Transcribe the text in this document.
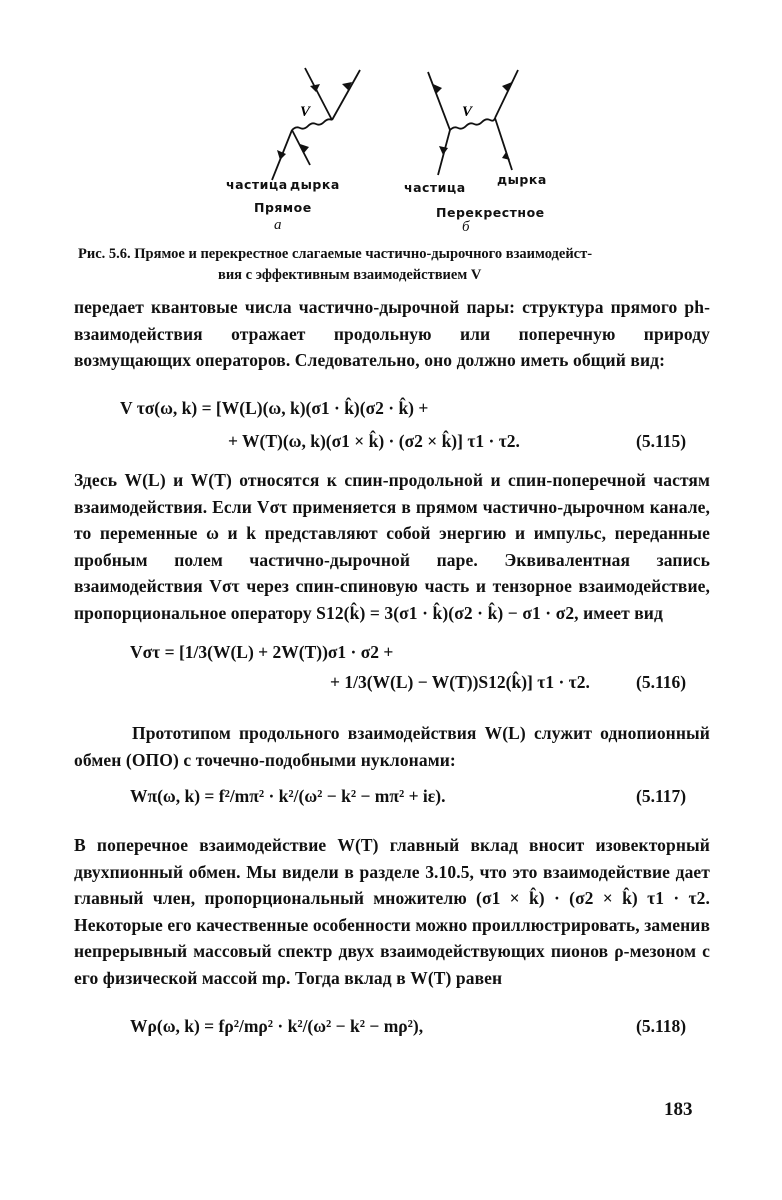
V	V
частица дырка
Прямое
а
частица
дырка
Перекрестное
б
Рис. 5.6. Прямое и перекрестное слагаемые частично-дырочного взаимодейст-
вия с эффективным взаимодействием V
передает квантовые числа частично-дырочной пары: структура прямого ph-взаимодействия отражает продольную или поперечную природу возмущающих операторов. Следовательно, оно должно иметь общий вид:
V τσ(ω, k) = [W(L)(ω, k)(σ1 · k̂)(σ2 · k̂) +
+ W(T)(ω, k)(σ1 × k̂) · (σ2 × k̂)] τ1 · τ2.	(5.115)
Здесь W(L) и W(T) относятся к спин-продольной и спин-поперечной частям взаимодействия. Если Vστ применяется в прямом частично-дырочном канале, то переменные ω и k представляют собой энергию и импульс, переданные пробным полем частично-дырочной паре. Эквивалентная запись взаимодействия Vστ через спин-спиновую часть и тензорное взаимодействие, пропорциональное оператору S12(k̂) = 3(σ1 · k̂)(σ2 · k̂) − σ1 · σ2, имеет вид
Vστ = [1/3(W(L) + 2W(T))σ1 · σ2 +
+ 1/3(W(L) − W(T))S12(k̂)] τ1 · τ2.	(5.116)
Прототипом продольного взаимодействия W(L) служит однопионный обмен (ОПО) с точечно-подобными нуклонами:
Wπ(ω, k) = f²/mπ² · k²/(ω² − k² − mπ² + iε).	(5.117)
В поперечное взаимодействие W(T) главный вклад вносит изовекторный двухпионный обмен. Мы видели в разделе 3.10.5, что это взаимодействие дает главный член, пропорциональный множителю (σ1 × k̂) · (σ2 × k̂) τ1 · τ2. Некоторые его качественные особенности можно проиллюстрировать, заменив непрерывный массовый спектр двух взаимодействующих пионов ρ-мезоном с его физической массой mρ. Тогда вклад в W(T) равен
Wρ(ω, k) = fρ²/mρ² · k²/(ω² − k² − mρ²),	(5.118)
183
